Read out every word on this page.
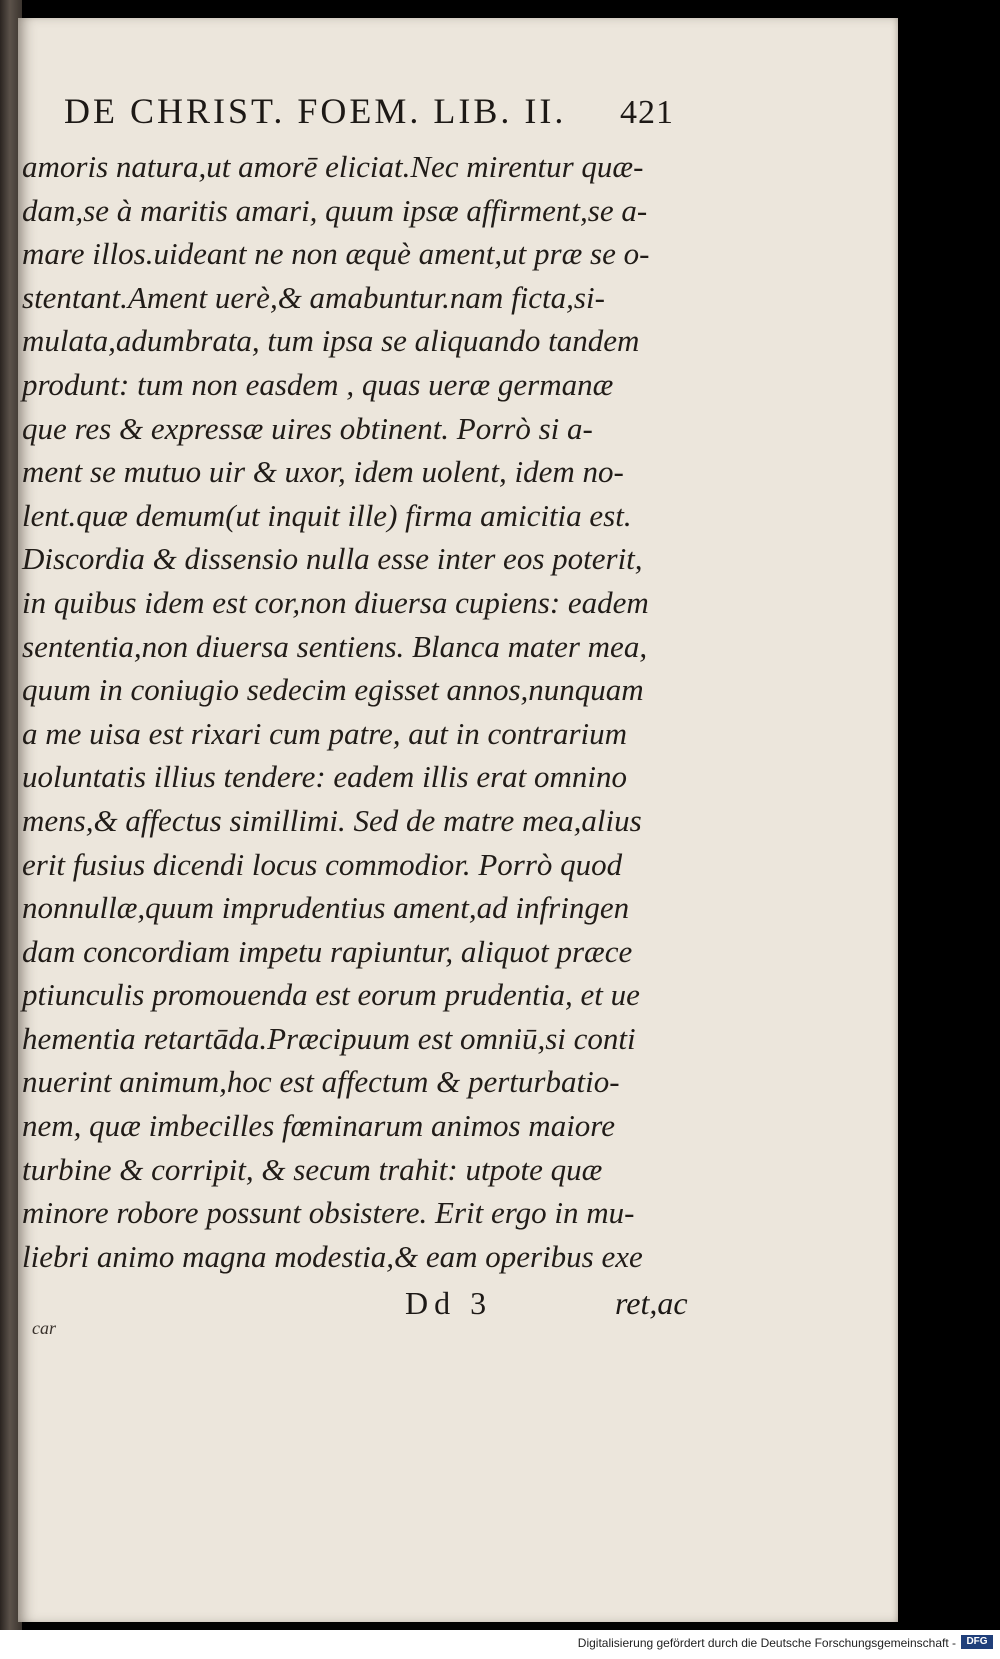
DE CHRIST. FOEM. LIB. II. 421
amoris natura,ut amorē eliciat.Nec mirentur quæ-
dam,se à maritis amari, quum ipsæ affirment,se a-
mare illos.uideant ne non æquè ament,ut præ se o-
stentant.Ament uerè,& amabuntur.nam ficta,si-
mulata,adumbrata, tum ipsa se aliquando tandem
produnt: tum non easdem , quas ueræ germanæ
que res & expressæ uires obtinent. Porrò si a-
ment se mutuo uir & uxor, idem uolent, idem no-
lent.quæ demum(ut inquit ille) firma amicitia est.
Discordia & dissensio nulla esse inter eos poterit,
in quibus idem est cor,non diuersa cupiens: eadem
sententia,non diuersa sentiens. Blanca mater mea,
quum in coniugio sedecim egisset annos,nunquam
a me uisa est rixari cum patre, aut in contrarium
uoluntatis illius tendere: eadem illis erat omnino
mens,& affectus simillimi. Sed de matre mea,alius
erit fusius dicendi locus commodior. Porrò quod
nonnullæ,quum imprudentius ament,ad infringen
dam concordiam impetu rapiuntur, aliquot præce
ptiunculis promouenda est eorum prudentia, et ue
hementia retartāda.Præcipuum est omniū,si conti
nuerint animum,hoc est affectum & perturbatio-
nem, quæ imbecilles fœminarum animos maiore
turbine & corripit, & secum trahit: utpote quæ
minore robore possunt obsistere. Erit ergo in mu-
liebri animo magna modestia,& eam operibus exe
Dd 3	ret,ac
car
Digitalisierung gefördert durch die Deutsche Forschungsgemeinschaft -	DFG
